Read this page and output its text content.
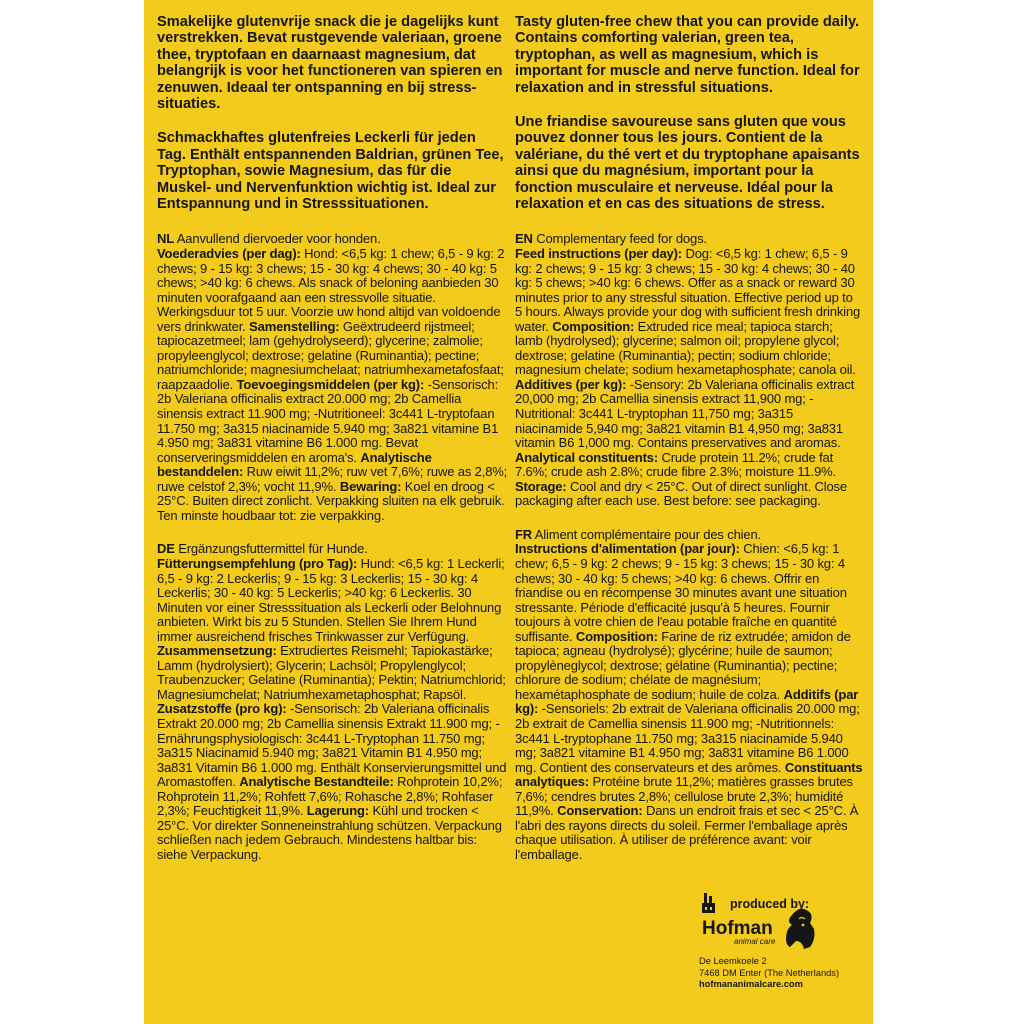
Smakelijke glutenvrije snack die je dagelijks kunt verstrekken. Bevat rustgevende valeriaan, groene thee, tryptofaan en daarnaast magnesium, dat belangrijk is voor het functioneren van spieren en zenuwen. Ideaal ter ontspanning en bij stress-situaties.

Schmackhaftes glutenfreies Leckerli für jeden Tag. Enthält entspannenden Baldrian, grünen Tee, Tryptophan, sowie Magnesium, das für die Muskel- und Nervenfunktion wichtig ist. Ideal zur Entspannung und in Stresssituationen.

NL Aanvullend diervoeder voor honden.
Voederadvies (per dag): Hond: <6,5 kg: 1 chew; 6,5 - 9 kg: 2 chews; 9 - 15 kg: 3 chews; 15 - 30 kg: 4 chews; 30 - 40 kg: 5 chews; >40 kg: 6 chews. Als snack of beloning aanbieden 30 minuten voorafgaand aan een stressvolle situatie. Werkingsduur tot 5 uur. Voorzie uw hond altijd van voldoende vers drinkwater. Samenstelling: Geëxtrudeerd rijstmeel; tapiocazetmeel; lam (gehydrolyseerd); glycerine; zalmolie; propyleenglycol; dextrose; gelatine (Ruminantia); pectine; natriumchloride; magnesiumchelaat; natriumhexametafosfaat; raapzaadolie. Toevoegingsmiddelen (per kg): -Sensorisch: 2b Valeriana officinalis extract 20.000 mg; 2b Camellia sinensis extract 11.900 mg; -Nutritioneel: 3c441 L-tryptofaan 11.750 mg; 3a315 niacinamide 5.940 mg; 3a821 vitamine B1 4.950 mg; 3a831 vitamine B6 1.000 mg. Bevat conserveringsmiddelen en aroma's. Analytische bestanddelen: Ruw eiwit 11,2%; ruw vet 7,6%; ruwe as 2,8%; ruwe celstof 2,3%; vocht 11,9%. Bewaring: Koel en droog < 25°C. Buiten direct zonlicht. Verpakking sluiten na elk gebruik. Ten minste houdbaar tot: zie verpakking.

DE Ergänzungsfuttermittel für Hunde.
Fütterungsempfehlung (pro Tag): Hund: <6,5 kg: 1 Leckerli; 6,5 - 9 kg: 2 Leckerlis; 9 - 15 kg: 3 Leckerlis; 15 - 30 kg: 4 Leckerlis; 30 - 40 kg: 5 Leckerlis; >40 kg: 6 Leckerlis. 30 Minuten vor einer Stresssituation als Leckerli oder Belohnung anbieten. Wirkt bis zu 5 Stunden. Stellen Sie Ihrem Hund immer ausreichend frisches Trinkwasser zur Verfügung. Zusammensetzung: Extrudiertes Reismehl; Tapiokastärke; Lamm (hydrolysiert); Glycerin; Lachsöl; Propylenglycol; Traubenzucker; Gelatine (Ruminantia); Pektin; Natriumchlorid; Magnesiumchelat; Natriumhexametaphosphat; Rapsöl. Zusatzstoffe (pro kg): -Sensorisch: 2b Valeriana officinalis Extrakt 20.000 mg; 2b Camellia sinensis Extrakt 11.900 mg; -Ernährungsphysiologisch: 3c441 L-Tryptophan 11.750 mg; 3a315 Niacinamid 5.940 mg; 3a821 Vitamin B1 4.950 mg; 3a831 Vitamin B6 1.000 mg. Enthält Konservierungsmittel und Aromastoffen. Analytische Bestandteile: Rohprotein 10,2%; Rohprotein 11,2%; Rohfett 7,6%; Rohasche 2,8%; Rohfaser 2,3%; Feuchtigkeit 11,9%. Lagerung: Kühl und trocken < 25°C. Vor direkter Sonneneinstrahlung schützen. Verpackung schließen nach jedem Gebrauch. Mindestens haltbar bis: siehe Verpackung.

Tasty gluten-free chew that you can provide daily. Contains comforting valerian, green tea, tryptophan, as well as magnesium, which is important for muscle and nerve function. Ideal for relaxation and in stressful situations.

Une friandise savoureuse sans gluten que vous pouvez donner tous les jours. Contient de la valériane, du thé vert et du tryptophane apaisants ainsi que du magnésium, important pour la fonction musculaire et nerveuse. Idéal pour la relaxation et en cas des situations de stress.

EN Complementary feed for dogs.
Feed instructions (per day): Dog: <6,5 kg: 1 chew; 6,5 - 9 kg: 2 chews; 9 - 15 kg: 3 chews; 15 - 30 kg: 4 chews; 30 - 40 kg: 5 chews; >40 kg: 6 chews. Offer as a snack or reward 30 minutes prior to any stressful situation. Effective period up to 5 hours. Always provide your dog with sufficient fresh drinking water. Composition: Extruded rice meal; tapioca starch; lamb (hydrolysed); glycerine; salmon oil; propylene glycol; dextrose; gelatine (Ruminantia); pectin; sodium chloride; magnesium chelate; sodium hexametaphosphate; canola oil. Additives (per kg): -Sensory: 2b Valeriana officinalis extract 20,000 mg; 2b Camellia sinensis extract 11,900 mg; -Nutritional: 3c441 L-tryptophan 11,750 mg; 3a315 niacinamide 5,940 mg; 3a821 vitamin B1 4,950 mg; 3a831 vitamin B6 1,000 mg. Contains preservatives and aromas. Analytical constituents: Crude protein 11.2%; crude fat 7.6%; crude ash 2.8%; crude fibre 2.3%; moisture 11.9%. Storage: Cool and dry < 25°C. Out of direct sunlight. Close packaging after each use. Best before: see packaging.

FR Aliment complémentaire pour des chien.
Instructions d'alimentation (par jour): Chien: <6,5 kg: 1 chew; 6,5 - 9 kg: 2 chews; 9 - 15 kg: 3 chews; 15 - 30 kg: 4 chews; 30 - 40 kg: 5 chews; >40 kg: 6 chews. Offrir en friandise ou en récompense 30 minutes avant une situation stressante. Période d'efficacité jusqu'à 5 heures. Fournir toujours à votre chien de l'eau potable fraîche en quantité suffisante. Composition: Farine de riz extrudée; amidon de tapioca; agneau (hydrolysé); glycérine; huile de saumon; propylèneglycol; dextrose; gélatine (Ruminantia); pectine; chlorure de sodium; chélate de magnésium; hexamétaphosphate de sodium; huile de colza. Additifs (par kg): -Sensoriels: 2b extrait de Valeriana officinalis 20.000 mg; 2b extrait de Camellia sinensis 11.900 mg; -Nutritionnels: 3c441 L-tryptophane 11.750 mg; 3a315 niacinamide 5.940 mg; 3a821 vitamine B1 4.950 mg; 3a831 vitamine B6 1.000 mg. Contient des conservateurs et des arômes. Constituants analytiques: Protéine brute 11,2%; matières grasses brutes 7,6%; cendres brutes 2,8%; cellulose brute 2,3%; humidité 11,9%. Conservation: Dans un endroit frais et sec < 25°C. À l'abri des rayons directs du soleil. Fermer l'emballage après chaque utilisation. À utiliser de préférence avant: voir l'emballage.

produced by:
Hofman
animal care
De Leemkoele 2
7468 DM Enter (The Netherlands)
hofmananimalcare.com
